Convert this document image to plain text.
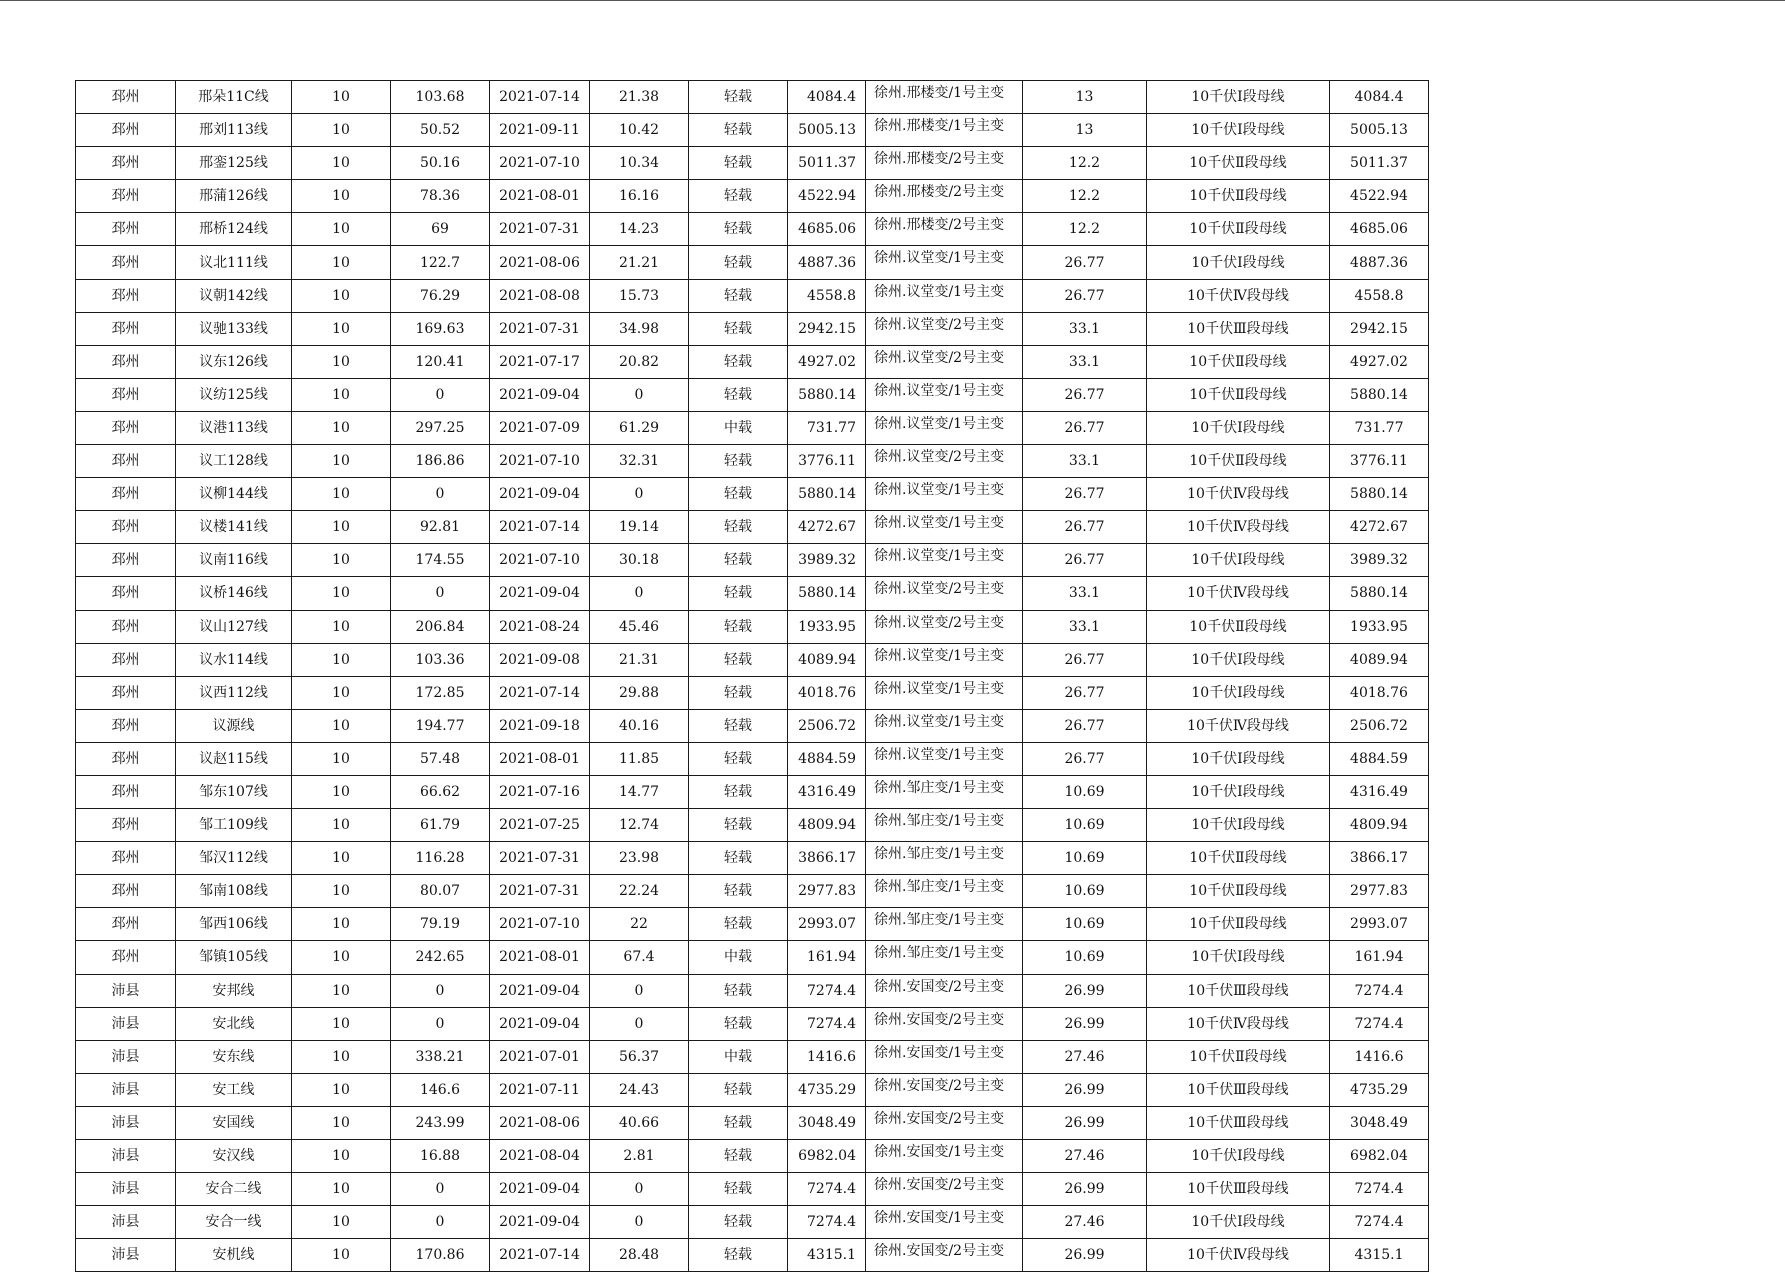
邳州	邢朵11C线	10	103.68	2021-07-14	21.38	轻载	4084.4	徐州.邢楼变/1号主变	13	10千伏Ⅰ段母线	4084.4
邳州	邢刘113线	10	50.52	2021-09-11	10.42	轻载	5005.13	徐州.邢楼变/1号主变	13	10千伏Ⅰ段母线	5005.13
邳州	邢銮125线	10	50.16	2021-07-10	10.34	轻载	5011.37	徐州.邢楼变/2号主变	12.2	10千伏Ⅱ段母线	5011.37
邳州	邢蒲126线	10	78.36	2021-08-01	16.16	轻载	4522.94	徐州.邢楼变/2号主变	12.2	10千伏Ⅱ段母线	4522.94
邳州	邢桥124线	10	69	2021-07-31	14.23	轻载	4685.06	徐州.邢楼变/2号主变	12.2	10千伏Ⅱ段母线	4685.06
邳州	议北111线	10	122.7	2021-08-06	21.21	轻载	4887.36	徐州.议堂变/1号主变	26.77	10千伏Ⅰ段母线	4887.36
邳州	议朝142线	10	76.29	2021-08-08	15.73	轻载	4558.8	徐州.议堂变/1号主变	26.77	10千伏Ⅳ段母线	4558.8
邳州	议驰133线	10	169.63	2021-07-31	34.98	轻载	2942.15	徐州.议堂变/2号主变	33.1	10千伏Ⅲ段母线	2942.15
邳州	议东126线	10	120.41	2021-07-17	20.82	轻载	4927.02	徐州.议堂变/2号主变	33.1	10千伏Ⅱ段母线	4927.02
邳州	议纺125线	10	0	2021-09-04	0	轻载	5880.14	徐州.议堂变/1号主变	26.77	10千伏Ⅱ段母线	5880.14
邳州	议港113线	10	297.25	2021-07-09	61.29	中载	731.77	徐州.议堂变/1号主变	26.77	10千伏Ⅰ段母线	731.77
邳州	议工128线	10	186.86	2021-07-10	32.31	轻载	3776.11	徐州.议堂变/2号主变	33.1	10千伏Ⅱ段母线	3776.11
邳州	议柳144线	10	0	2021-09-04	0	轻载	5880.14	徐州.议堂变/1号主变	26.77	10千伏Ⅳ段母线	5880.14
邳州	议楼141线	10	92.81	2021-07-14	19.14	轻载	4272.67	徐州.议堂变/1号主变	26.77	10千伏Ⅳ段母线	4272.67
邳州	议南116线	10	174.55	2021-07-10	30.18	轻载	3989.32	徐州.议堂变/1号主变	26.77	10千伏Ⅰ段母线	3989.32
邳州	议桥146线	10	0	2021-09-04	0	轻载	5880.14	徐州.议堂变/2号主变	33.1	10千伏Ⅳ段母线	5880.14
邳州	议山127线	10	206.84	2021-08-24	45.46	轻载	1933.95	徐州.议堂变/2号主变	33.1	10千伏Ⅱ段母线	1933.95
邳州	议水114线	10	103.36	2021-09-08	21.31	轻载	4089.94	徐州.议堂变/1号主变	26.77	10千伏Ⅰ段母线	4089.94
邳州	议西112线	10	172.85	2021-07-14	29.88	轻载	4018.76	徐州.议堂变/1号主变	26.77	10千伏Ⅰ段母线	4018.76
邳州	议源线	10	194.77	2021-09-18	40.16	轻载	2506.72	徐州.议堂变/1号主变	26.77	10千伏Ⅳ段母线	2506.72
邳州	议赵115线	10	57.48	2021-08-01	11.85	轻载	4884.59	徐州.议堂变/1号主变	26.77	10千伏Ⅰ段母线	4884.59
邳州	邹东107线	10	66.62	2021-07-16	14.77	轻载	4316.49	徐州.邹庄变/1号主变	10.69	10千伏Ⅰ段母线	4316.49
邳州	邹工109线	10	61.79	2021-07-25	12.74	轻载	4809.94	徐州.邹庄变/1号主变	10.69	10千伏Ⅰ段母线	4809.94
邳州	邹汉112线	10	116.28	2021-07-31	23.98	轻载	3866.17	徐州.邹庄变/1号主变	10.69	10千伏Ⅱ段母线	3866.17
邳州	邹南108线	10	80.07	2021-07-31	22.24	轻载	2977.83	徐州.邹庄变/1号主变	10.69	10千伏Ⅱ段母线	2977.83
邳州	邹西106线	10	79.19	2021-07-10	22	轻载	2993.07	徐州.邹庄变/1号主变	10.69	10千伏Ⅱ段母线	2993.07
邳州	邹镇105线	10	242.65	2021-08-01	67.4	中载	161.94	徐州.邹庄变/1号主变	10.69	10千伏Ⅰ段母线	161.94
沛县	安邦线	10	0	2021-09-04	0	轻载	7274.4	徐州.安国变/2号主变	26.99	10千伏Ⅲ段母线	7274.4
沛县	安北线	10	0	2021-09-04	0	轻载	7274.4	徐州.安国变/2号主变	26.99	10千伏Ⅳ段母线	7274.4
沛县	安东线	10	338.21	2021-07-01	56.37	中载	1416.6	徐州.安国变/1号主变	27.46	10千伏Ⅱ段母线	1416.6
沛县	安工线	10	146.6	2021-07-11	24.43	轻载	4735.29	徐州.安国变/2号主变	26.99	10千伏Ⅲ段母线	4735.29
沛县	安国线	10	243.99	2021-08-06	40.66	轻载	3048.49	徐州.安国变/2号主变	26.99	10千伏Ⅲ段母线	3048.49
沛县	安汉线	10	16.88	2021-08-04	2.81	轻载	6982.04	徐州.安国变/1号主变	27.46	10千伏Ⅰ段母线	6982.04
沛县	安合二线	10	0	2021-09-04	0	轻载	7274.4	徐州.安国变/2号主变	26.99	10千伏Ⅲ段母线	7274.4
沛县	安合一线	10	0	2021-09-04	0	轻载	7274.4	徐州.安国变/1号主变	27.46	10千伏Ⅰ段母线	7274.4
沛县	安机线	10	170.86	2021-07-14	28.48	轻载	4315.1	徐州.安国变/2号主变	26.99	10千伏Ⅳ段母线	4315.1
